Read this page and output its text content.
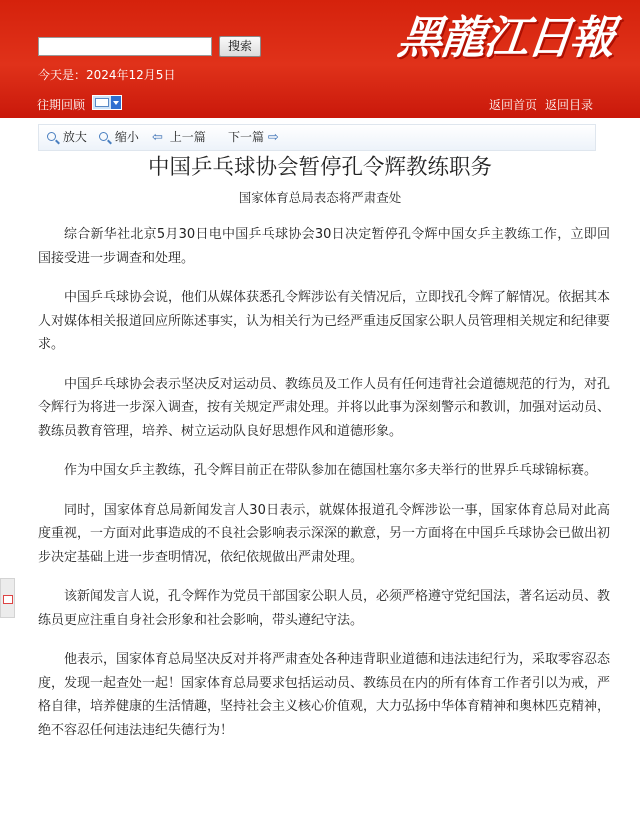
搜索
今天是：2024年12月5日
黑龍江日報
往期回顾	返回首页 返回目录
放大	缩小 ⇦ 上一篇 下一篇 ⇨
中国乒乓球协会暂停孔令辉教练职务
国家体育总局表态将严肃查处

综合新华社北京5月30日电中国乒乓球协会30日决定暂停孔令辉中国女乒主教练工作，立即回国接受进一步调查和处理。

中国乒乓球协会说，他们从媒体获悉孔令辉涉讼有关情况后，立即找孔令辉了解情况。依据其本人对媒体相关报道回应所陈述事实，认为相关行为已经严重违反国家公职人员管理相关规定和纪律要求。

中国乒乓球协会表示坚决反对运动员、教练员及工作人员有任何违背社会道德规范的行为，对孔令辉行为将进一步深入调查，按有关规定严肃处理。并将以此事为深刻警示和教训，加强对运动员、教练员教育管理，培养、树立运动队良好思想作风和道德形象。

作为中国女乒主教练，孔令辉目前正在带队参加在德国杜塞尔多夫举行的世界乒乓球锦标赛。

同时，国家体育总局新闻发言人30日表示，就媒体报道孔令辉涉讼一事，国家体育总局对此高度重视，一方面对此事造成的不良社会影响表示深深的歉意，另一方面将在中国乒乓球协会已做出初步决定基础上进一步查明情况，依纪依规做出严肃处理。

该新闻发言人说，孔令辉作为党员干部国家公职人员，必须严格遵守党纪国法，著名运动员、教练员更应注重自身社会形象和社会影响，带头遵纪守法。

他表示，国家体育总局坚决反对并将严肃查处各种违背职业道德和违法违纪行为，采取零容忍态度，发现一起查处一起！国家体育总局要求包括运动员、教练员在内的所有体育工作者引以为戒，严格自律，培养健康的生活情趣，坚持社会主义核心价值观，大力弘扬中华体育精神和奥林匹克精神，绝不容忍任何违法违纪失德行为！
